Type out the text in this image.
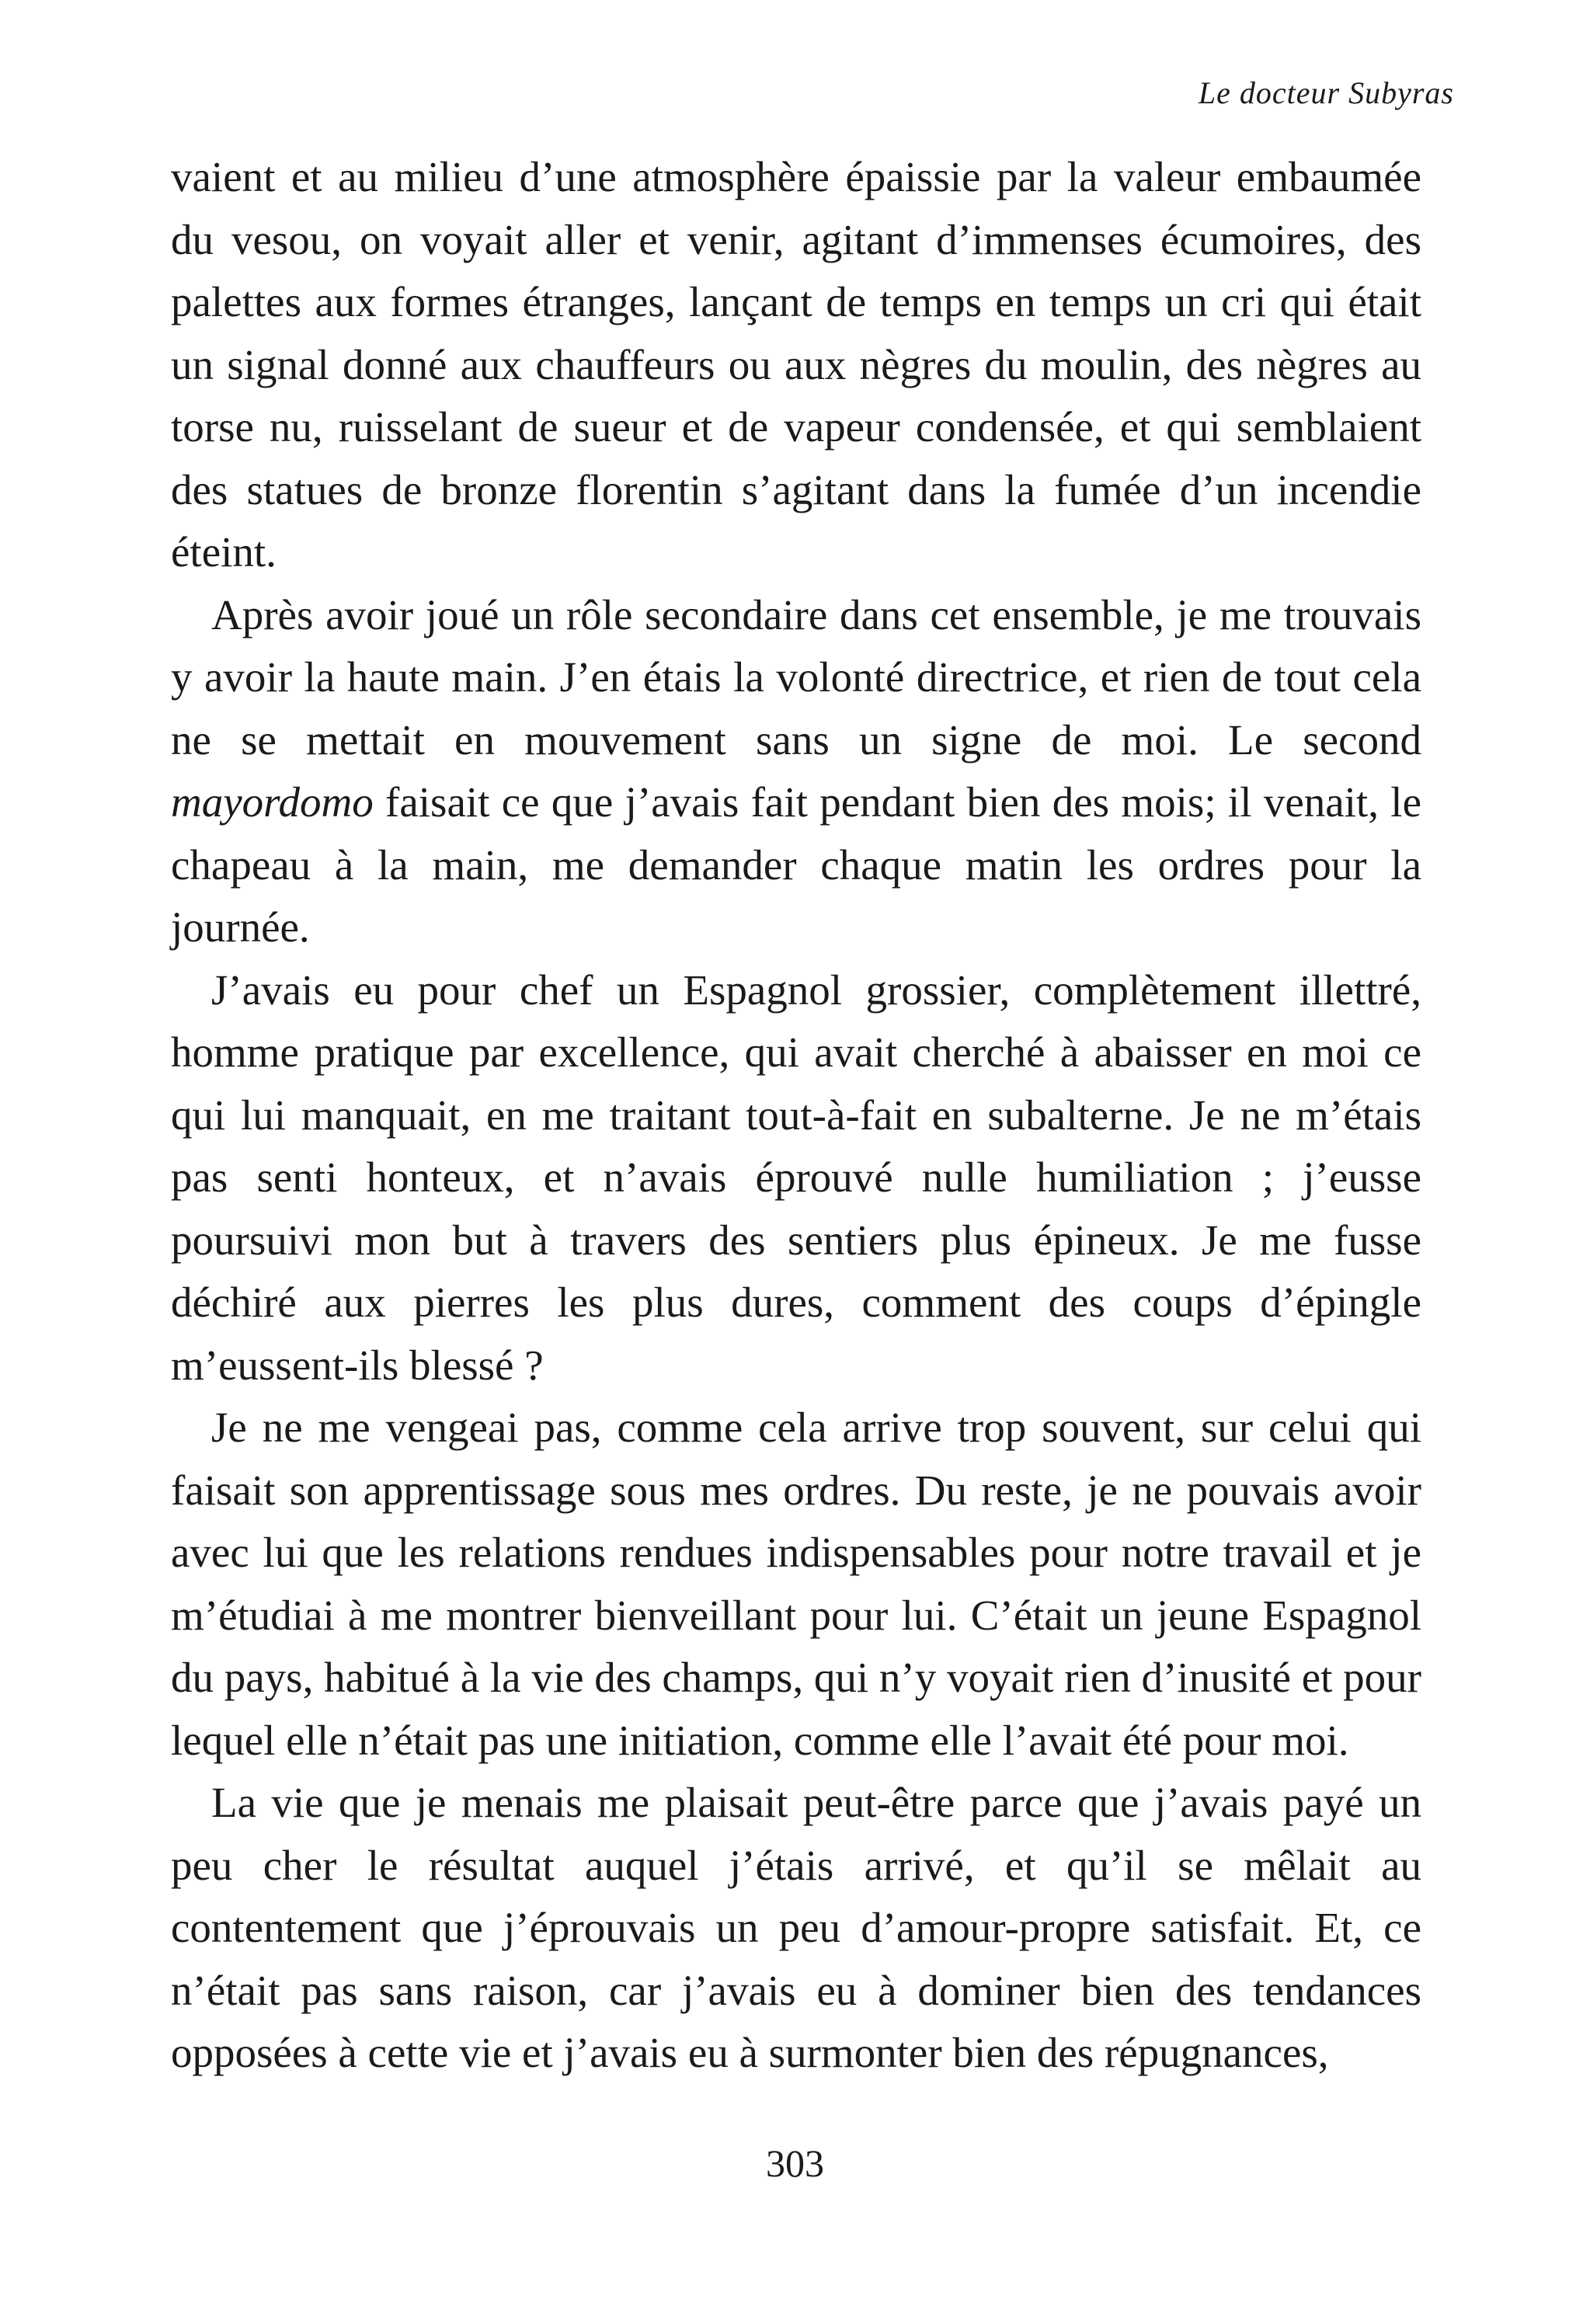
Le docteur Subyras

vaient et au milieu d’une atmosphère épaissie par la valeur embaumée du vesou, on voyait aller et venir, agitant d’immenses écumoires, des palettes aux formes étranges, lançant de temps en temps un cri qui était un signal donné aux chauffeurs ou aux nègres du moulin, des nègres au torse nu, ruisselant de sueur et de vapeur condensée, et qui semblaient des statues de bronze florentin s’agitant dans la fumée d’un incendie éteint.

Après avoir joué un rôle secondaire dans cet ensemble, je me trouvais y avoir la haute main. J’en étais la volonté directrice, et rien de tout cela ne se mettait en mouvement sans un signe de moi. Le second mayordomo faisait ce que j’avais fait pendant bien des mois; il venait, le chapeau à la main, me demander chaque matin les ordres pour la journée.

J’avais eu pour chef un Espagnol grossier, complètement illettré, homme pratique par excellence, qui avait cherché à abaisser en moi ce qui lui manquait, en me traitant tout-à-fait en subalterne. Je ne m’étais pas senti honteux, et n’avais éprouvé nulle humiliation ; j’eusse poursuivi mon but à travers des sentiers plus épineux. Je me fusse déchiré aux pierres les plus dures, comment des coups d’épingle m’eussent-ils blessé ?

Je ne me vengeai pas, comme cela arrive trop souvent, sur celui qui faisait son apprentissage sous mes ordres. Du reste, je ne pouvais avoir avec lui que les relations rendues indispensables pour notre travail et je m’étudiai à me montrer bienveillant pour lui. C’était un jeune Espagnol du pays, habitué à la vie des champs, qui n’y voyait rien d’inusité et pour lequel elle n’était pas une initiation, comme elle l’avait été pour moi.

La vie que je menais me plaisait peut-être parce que j’avais payé un peu cher le résultat auquel j’étais arrivé, et qu’il se mêlait au contentement que j’éprouvais un peu d’amour-propre satisfait. Et, ce n’était pas sans raison, car j’avais eu à dominer bien des tendances opposées à cette vie et j’avais eu à surmonter bien des répugnances,

303
